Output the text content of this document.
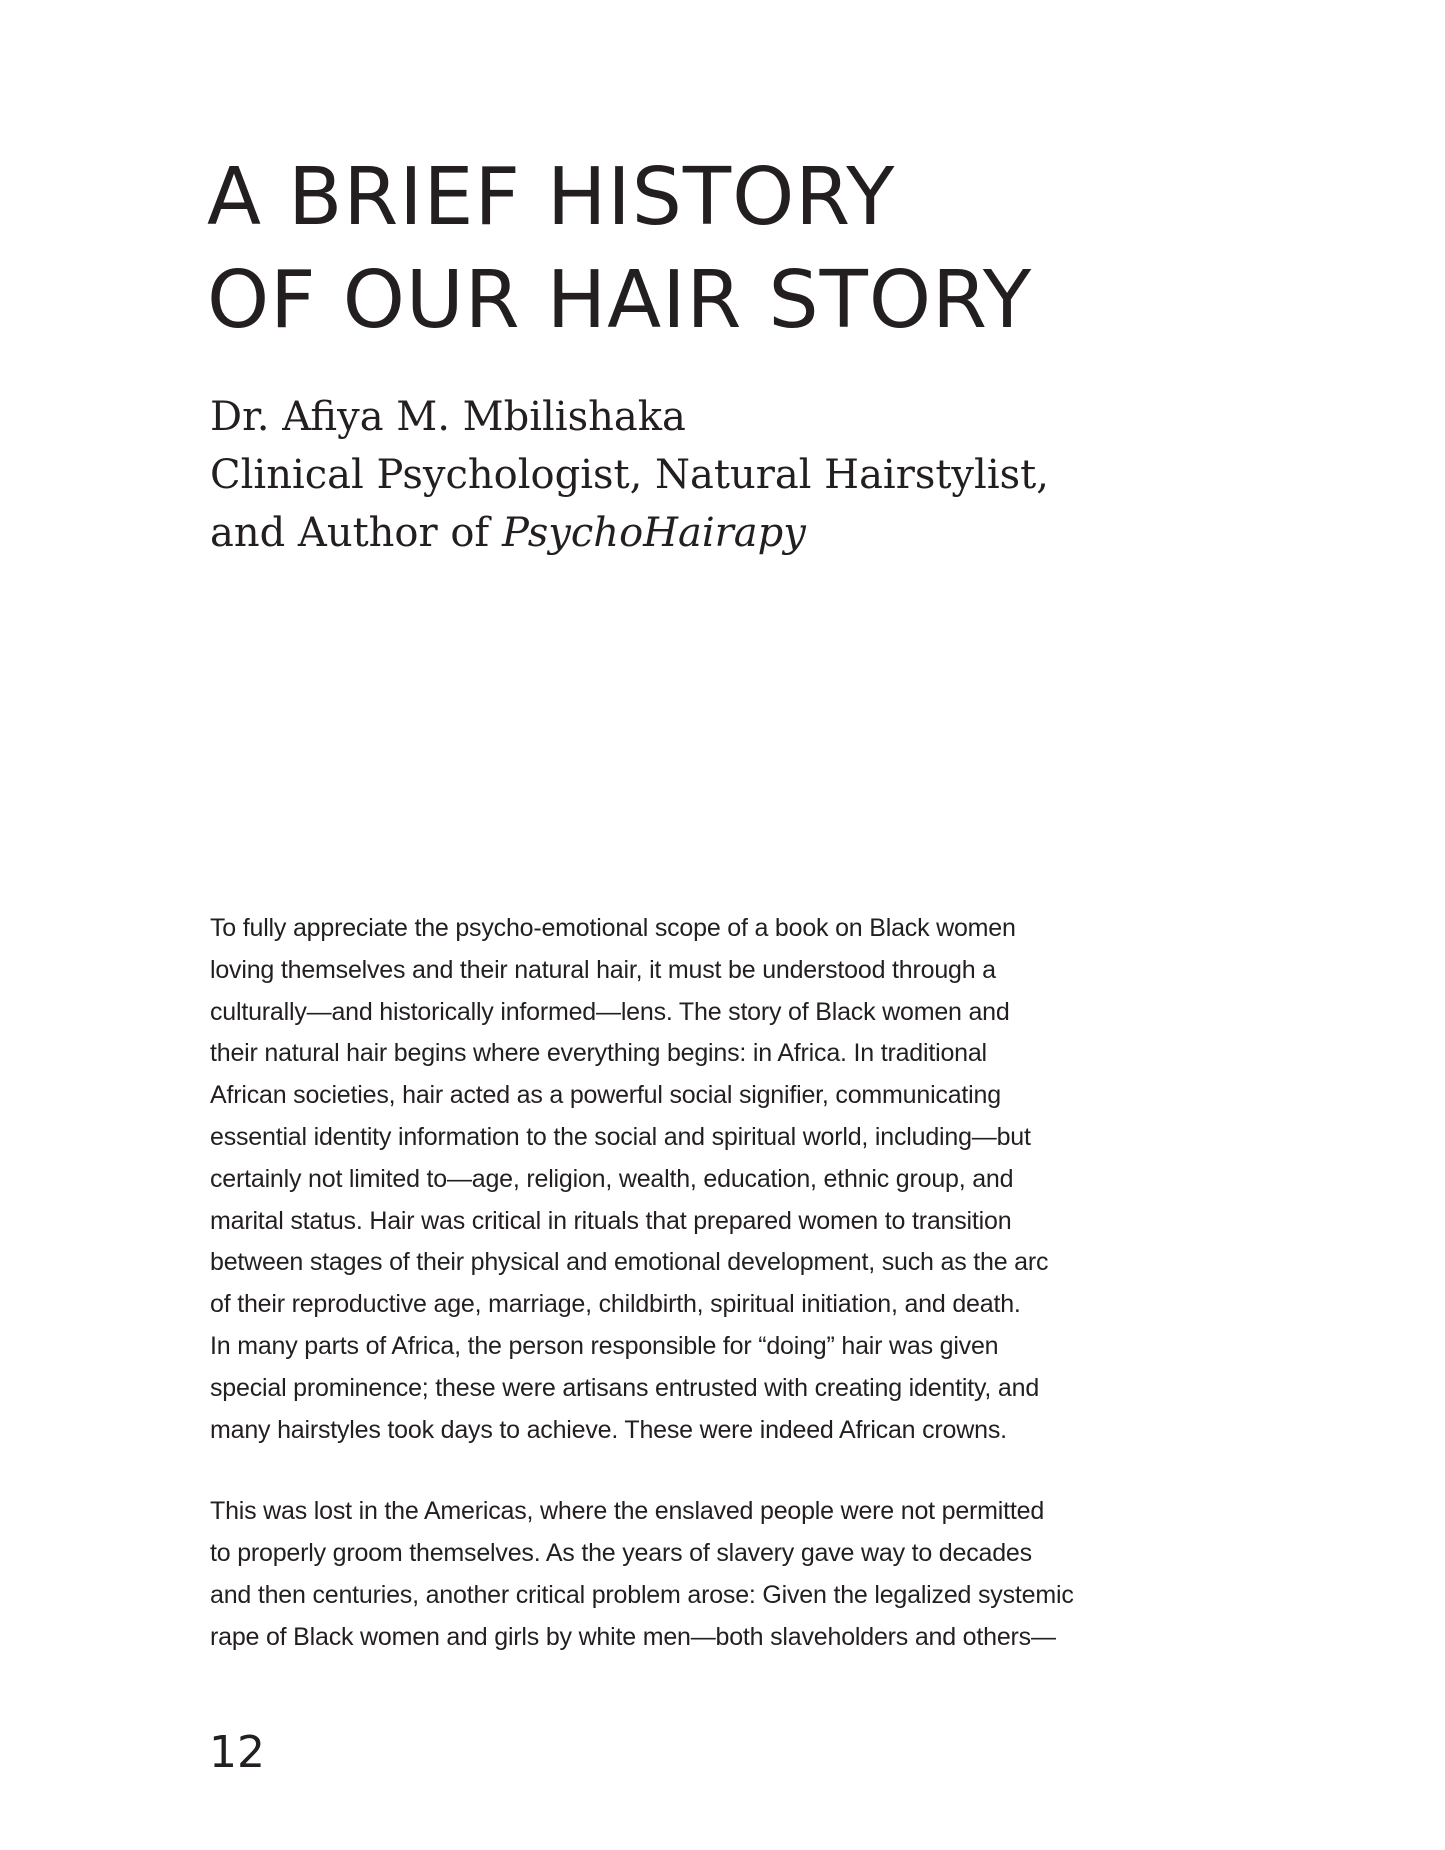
A BRIEF HISTORY
OF OUR HAIR STORY
Dr. Afiya M. Mbilishaka
Clinical Psychologist, Natural Hairstylist,
and Author of PsychoHairapy

To fully appreciate the psycho-emotional scope of a book on Black women
loving themselves and their natural hair, it must be understood through a
culturally—and historically informed—lens. The story of Black women and
their natural hair begins where everything begins: in Africa. In traditional
African societies, hair acted as a powerful social signifier, communicating
essential identity information to the social and spiritual world, including—but
certainly not limited to—age, religion, wealth, education, ethnic group, and
marital status. Hair was critical in rituals that prepared women to transition
between stages of their physical and emotional development, such as the arc
of their reproductive age, marriage, childbirth, spiritual initiation, and death.
In many parts of Africa, the person responsible for “doing” hair was given
special prominence; these were artisans entrusted with creating identity, and
many hairstyles took days to achieve. These were indeed African crowns.

This was lost in the Americas, where the enslaved people were not permitted
to properly groom themselves. As the years of slavery gave way to decades
and then centuries, another critical problem arose: Given the legalized systemic
rape of Black women and girls by white men—both slaveholders and others—

12
